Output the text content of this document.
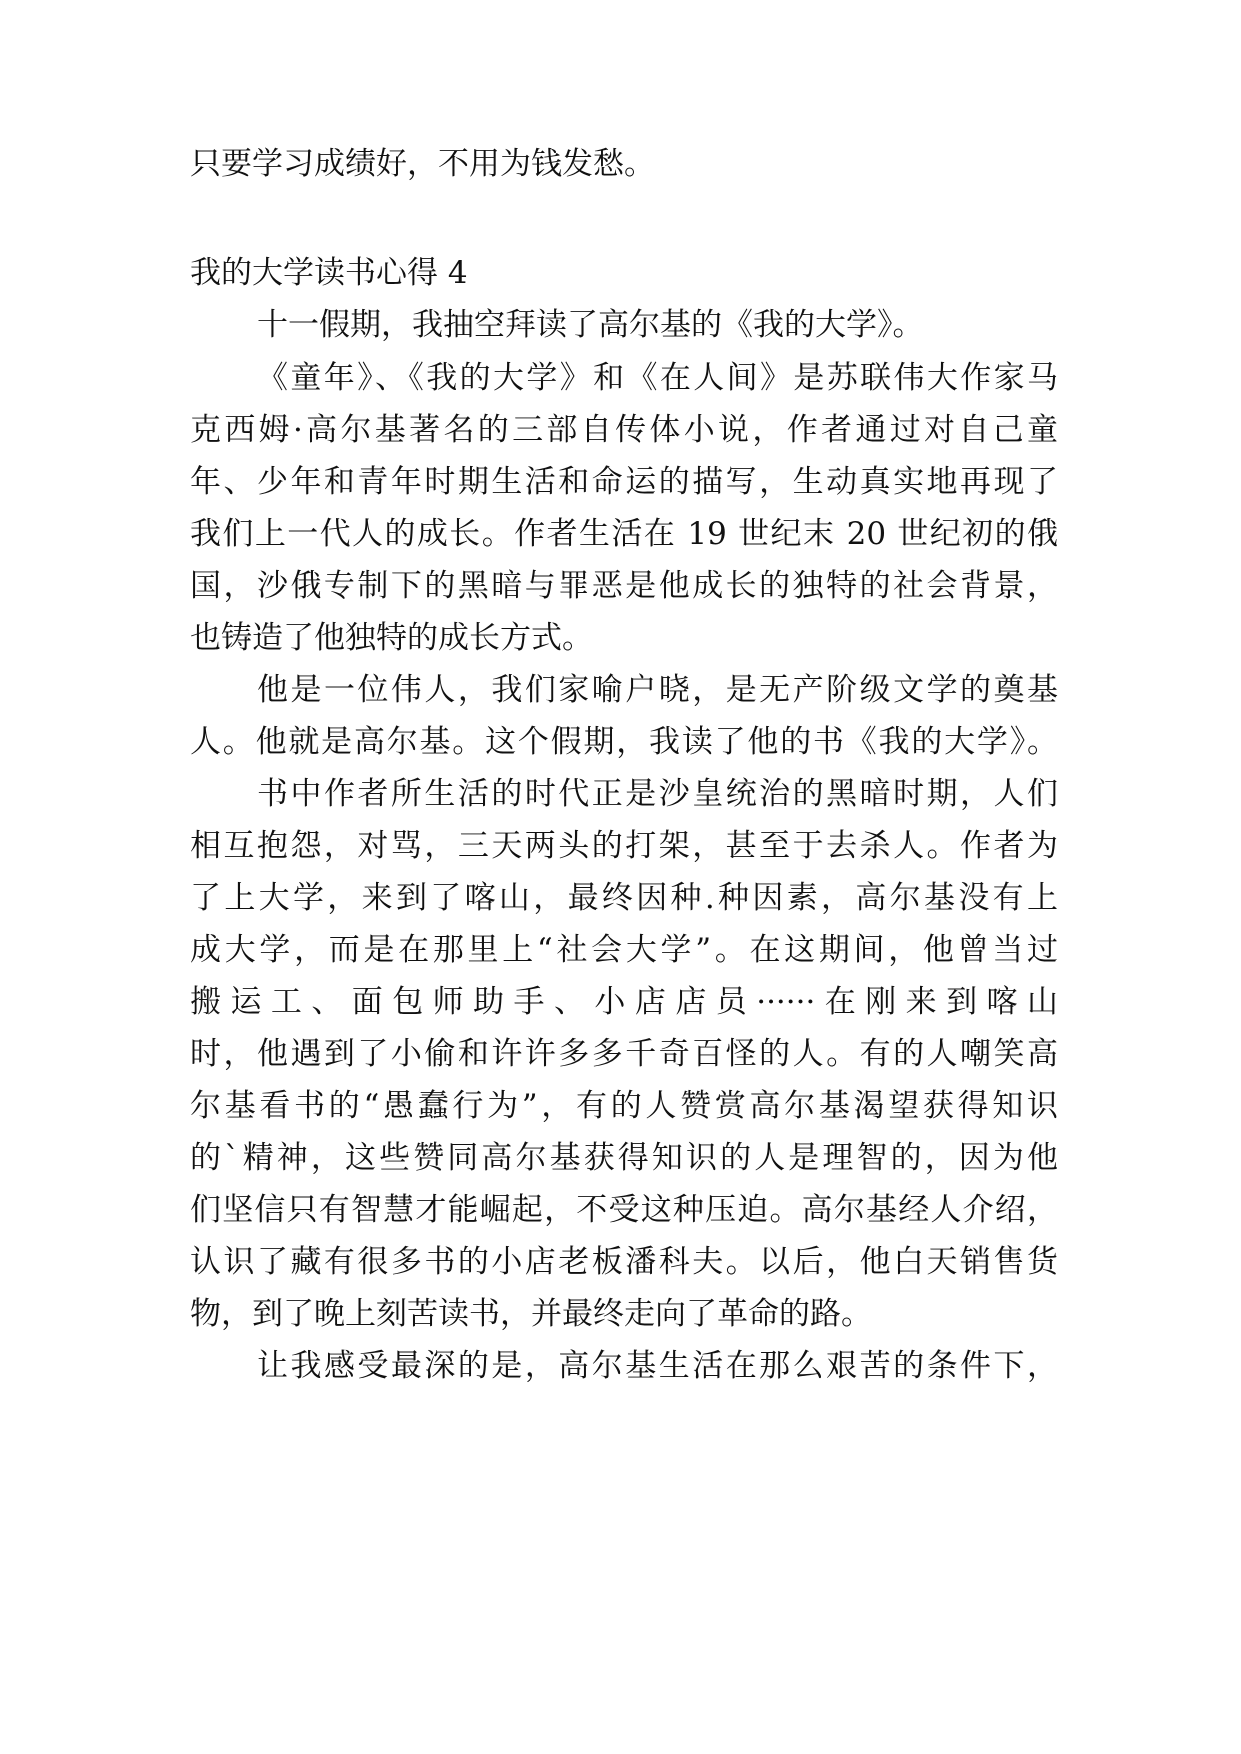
只要学习成绩好，不用为钱发愁。
我的大学读书心得 4
十一假期，我抽空拜读了高尔基的《我的大学》。
《童年》、《我的大学》和《在人间》是苏联伟大作家马
克西姆·高尔基著名的三部自传体小说，作者通过对自己童
年、少年和青年时期生活和命运的描写，生动真实地再现了
我们上一代人的成长。作者生活在 19 世纪末 20 世纪初的俄
国，沙俄专制下的黑暗与罪恶是他成长的独特的社会背景，
也铸造了他独特的成长方式。
他是一位伟人，我们家喻户晓，是无产阶级文学的奠基
人。他就是高尔基。这个假期，我读了他的书《我的大学》。
书中作者所生活的时代正是沙皇统治的黑暗时期，人们
相互抱怨，对骂，三天两头的打架，甚至于去杀人。作者为
了上大学，来到了喀山，最终因种.种因素，高尔基没有上
成大学，而是在那里上“社会大学”。在这期间，他曾当过
搬运工、面包师助手、小店店员······在刚来到喀山
时，他遇到了小偷和许许多多千奇百怪的人。有的人嘲笑高
尔基看书的“愚蠢行为”，有的人赞赏高尔基渴望获得知识
的`精神，这些赞同高尔基获得知识的人是理智的，因为他
们坚信只有智慧才能崛起，不受这种压迫。高尔基经人介绍，
认识了藏有很多书的小店老板潘科夫。以后，他白天销售货
物，到了晚上刻苦读书，并最终走向了革命的路。
让我感受最深的是，高尔基生活在那么艰苦的条件下，
